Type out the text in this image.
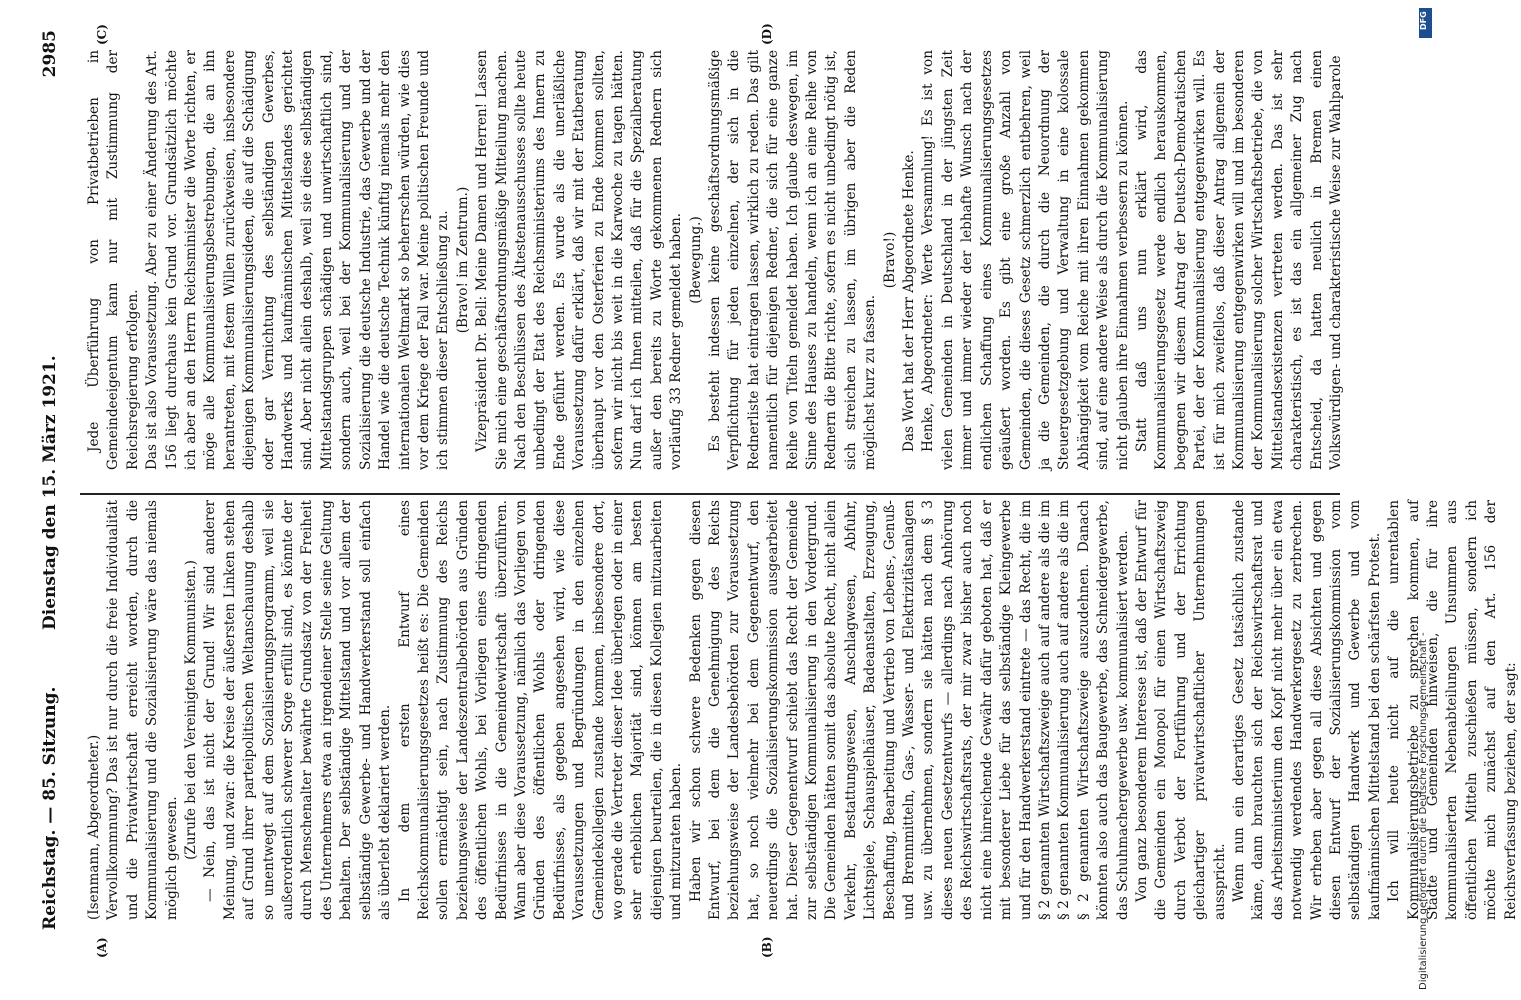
Reichstag. — 85. Sitzung.
Dienstag den 15. März 1921.
2985
(A)	(B)
(C)	(D)

(Isenmann, Abgeordneter.) Vervollkommnung? Das ist nur durch die freie Individualität und die Privatwirtschaft erreicht worden, durch die Kommunalisierung und die Sozialisierung wäre das niemals möglich gewesen. (Zurufe bei den Vereinigten Kommunisten.) — Nein, das ist nicht der Grund! Wir sind anderer Meinung, und zwar: die Kreise der äußersten Linken stehen auf Grund ihrer parteipolitischen Weltanschauung deshalb so unentwegt auf dem Sozialisierungsprogramm, weil sie außerordentlich schwerer Sorge erfüllt sind, es könnte der durch Menschenalter bewährte Grundsatz von der Freiheit des Unternehmers etwa an irgendeiner Stelle seine Geltung behalten. Der selbständige Mittelstand und vor allem der selbständige Gewerbe- und Handwerkerstand soll einfach als überlebt deklariert werden. In dem ersten Entwurf eines Reichskommunalisierungsgesetzes heißt es: Die Gemeinden sollen ermächtigt sein, nach Zustimmung des Reichs beziehungsweise der Landeszentralbehörden aus Gründen des öffentlichen Wohls, bei Vorliegen eines dringenden Bedürfnisses in die Gemeindewirtschaft überzuführen. Wann aber diese Voraussetzung, nämlich das Vorliegen von Gründen des öffentlichen Wohls oder dringenden Bedürfnisses, als gegeben angesehen wird, wie diese Voraussetzungen und Begründungen in den einzelnen Gemeindekollegien zustande kommen, insbesondere dort, wo gerade die Vertreter dieser Idee überlegen oder in einer sehr erheblichen Majorität sind, können am besten diejenigen beurteilen, die in diesen Kollegien mitzuarbeiten und mitzuraten haben. Haben wir schon schwere Bedenken gegen diesen Entwurf, bei dem die Genehmigung des Reichs beziehungsweise der Landesbehörden zur Voraussetzung hat, so noch vielmehr bei dem Gegenentwurf, den neuerdings die Sozialisierungskommission ausgearbeitet hat. Dieser Gegenentwurf schiebt das Recht der Gemeinde zur selbständigen Kommunalisierung in den Vordergrund. Die Gemeinden hätten somit das absolute Recht, nicht allein Verkehr, Bestattungswesen, Anschlagwesen, Abfuhr, Lichtspiele, Schauspielhäuser, Badeanstalten, Erzeugung, Beschaffung, Bearbeitung und Vertrieb von Lebens-, Genuß- und Brennmitteln, Gas-, Wasser- und Elektrizitätsanlagen usw. zu übernehmen, sondern sie hätten nach dem § 3 dieses neuen Gesetzentwurfs — allerdings nach Anhörung des Reichswirtschaftsrats, der mir zwar bisher auch noch nicht eine hinreichende Gewähr dafür geboten hat, daß er mit besonderer Liebe für das selbständige Kleingewerbe und für den Handwerkerstand eintrete — das Recht, die im § 2 genannten Wirtschaftszweige auch auf andere als die im § 2 genannten Kommunalisierung auch auf andere als die im § 2 genannten Wirtschaftszweige auszudehnen. Danach könnten also auch das Baugewerbe, das Schneidergewerbe, das Schuhmachergewerbe usw. kommunalisiert werden. Von ganz besonderem Interesse ist, daß der Entwurf für die Gemeinden ein Monopol für einen Wirtschaftszweig durch Verbot der Fortführung und der Errichtung gleichartiger privatwirtschaftlicher Unternehmungen ausspricht. Wenn nun ein derartiges Gesetz tatsächlich zustande käme, dann brauchten sich der Reichswirtschaftsrat und das Arbeitsministerium den Kopf nicht mehr über ein etwa notwendig werdendes Handwerkergesetz zu zerbrechen. Wir erheben aber gegen all diese Absichten und gegen diesen Entwurf der Sozialisierungskommission vom selbständigen Handwerk und Gewerbe und vom kaufmännischen Mittelstand bei den schärfsten Protest. Ich will heute nicht auf die unrentablen Kommunalisierungsbetriebe zu sprechen kommen, auf Städte und Gemeinden hinweisen, die für ihre kommunalisierten Nebenabteilungen Unsummen aus öffentlichen Mitteln zuschießen müssen, sondern ich möchte mich zunächst auf den Art. 156 der Reichsverfassung beziehen, der sagt:

Jede Überführung von Privatbetrieben in Gemeindeeigentum kann nur mit Zustimmung der Reichsregierung erfolgen. Das ist also Voraussetzung. Aber zu einer Änderung des Art. 156 liegt durchaus kein Grund vor. Grundsätzlich möchte ich aber an den Herrn Reichsminister die Worte richten, er möge alle Kommunalisierungsbestrebungen, die an ihn herantreten, mit festem Willen zurückweisen, insbesondere diejenigen Kommunalisierungsideen, die auf die Schädigung oder gar Vernichtung des selbständigen Gewerbes, Handwerks und kaufmännischen Mittelstandes gerichtet sind. Aber nicht allein deshalb, weil sie diese selbständigen Mittelstandsgruppen schädigen und unwirtschaftlich sind, sondern auch, weil bei der Kommunalisierung und der Sozialisierung die deutsche Industrie, das Gewerbe und der Handel wie die deutsche Technik künftig niemals mehr den internationalen Weltmarkt so beherrschen würden, wie dies vor dem Kriege der Fall war. Meine politischen Freunde und ich stimmen dieser Entschließung zu. (Bravo! im Zentrum.) Vizepräsident Dr. Bell: Meine Damen und Herren! Lassen Sie mich eine geschäftsordnungsmäßige Mitteilung machen. Nach den Beschlüssen des Ältestenausschusses sollte heute unbedingt der Etat des Reichsministeriums des Innern zu Ende geführt werden. Es wurde als die unerläßliche Voraussetzung dafür erklärt, daß wir mit der Etatberatung überhaupt vor den Osterferien zu Ende kommen sollten, sofern wir nicht bis weit in die Karwoche zu tagen hätten. Nun darf ich Ihnen mitteilen, daß für die Spezialberatung außer den bereits zu Worte gekommenen Rednern sich vorläufig 33 Redner gemeldet haben. (Bewegung.) Es besteht indessen keine geschäftsordnungsmäßige Verpflichtung für jeden einzelnen, der sich in die Rednerliste hat eintragen lassen, wirklich zu reden. Das gilt namentlich für diejenigen Redner, die sich für eine ganze Reihe von Titeln gemeldet haben. Ich glaube deswegen, im Sinne des Hauses zu handeln, wenn ich an eine Reihe von Rednern die Bitte richte, sofern es nicht unbedingt nötig ist, sich streichen zu lassen, im übrigen aber die Reden möglichst kurz zu fassen.

(Bravo!) Das Wort hat der Herr Abgeordnete Henke. Henke, Abgeordneter: Werte Versammlung! Es ist von vielen Gemeinden in Deutschland in der jüngsten Zeit immer und immer wieder der lebhafte Wunsch nach der endlichen Schaffung eines Kommunalisierungsgesetzes geäußert worden. Es gibt eine große Anzahl von Gemeinden, die dieses Gesetz schmerzlich entbehren, weil ja die Gemeinden, die durch die Neuordnung der Steuergesetzgebung und Verwaltung in eine kolossale Abhängigkeit vom Reiche mit ihren Einnahmen gekommen sind, auf eine andere Weise als durch die Kommunalisierung nicht glauben ihre Einnahmen verbessern zu können. Statt daß uns nun erklärt wird, das Kommunalisierungsgesetz werde endlich herauskommen, begegnen wir diesem Antrag der Deutsch-Demokratischen Partei, der der Kommunalisierung entgegenwirken will. Es ist für mich zweifellos, daß dieser Antrag allgemein der Kommunalisierung entgegenwirken will und im besonderen der Kommunalisierung solcher Wirtschaftsbetriebe, die von Mittelstandsexistenzen vertreten werden. Das ist sehr charakteristisch, es ist das ein allgemeiner Zug nach Entscheid, da hatten neulich in Bremen einen Volkswürdigen- und charakteristische Weise zur Wahlparole

DFG
Digitalisierung gefördert durch die Deutsche Forschungsgemeinschaft -
